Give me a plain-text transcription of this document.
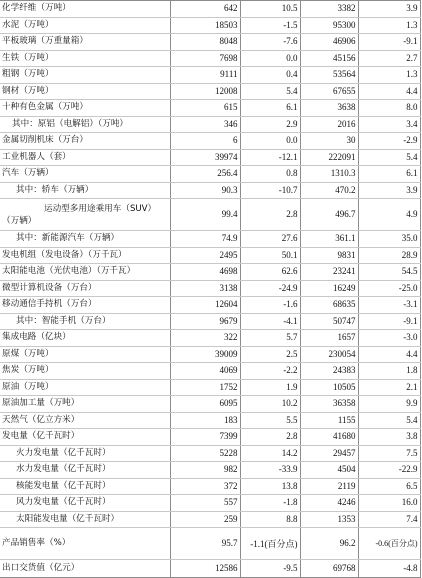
化学纤维（万吨）	642	10.5	3382	3.9
水泥（万吨）	18503	-1.5	95300	1.3
平板玻璃（万重量箱）	8048	-7.6	46906	-9.1
生铁（万吨）	7698	0.0	45156	2.7
粗钢（万吨）	9111	0.4	53564	1.3
钢材（万吨）	12008	5.4	67655	4.4
十种有色金属（万吨）	615	6.1	3638	8.0
其中：原铝（电解铝）（万吨）	346	2.9	2016	3.4
金属切削机床（万台）	6	0.0	30	-2.9
工业机器人（套）	39974	-12.1	222091	5.4
汽车（万辆）	256.4	0.8	1310.3	6.1
其中：轿车（万辆）	90.3	-10.7	470.2	3.9

运动型多用途乘用车（SUV）（万辆）	99.4	2.8	496.7	4.9
其中：新能源汽车（万辆）	74.9	27.6	361.1	35.0
发电机组（发电设备）（万千瓦）	2495	50.1	9831	28.9
太阳能电池（光伏电池）（万千瓦）	4698	62.6	23241	54.5
微型计算机设备（万台）	3138	-24.9	16249	-25.0
移动通信手持机（万台）	12604	-1.6	68635	-3.1
其中：智能手机（万台）	9679	-4.1	50747	-9.1
集成电路（亿块）	322	5.7	1657	-3.0
原煤（万吨）	39009	2.5	230054	4.4
焦炭（万吨）	4069	-2.2	24383	1.8
原油（万吨）	1752	1.9	10505	2.1
原油加工量（万吨）	6095	10.2	36358	9.9
天然气（亿立方米）	183	5.5	1155	5.4
发电量（亿千瓦时）	7399	2.8	41680	3.8
火力发电量（亿千瓦时）	5228	14.2	29457	7.5
水力发电量（亿千瓦时）	982	-33.9	4504	-22.9
核能发电量（亿千瓦时）	372	13.8	2119	6.5
风力发电量（亿千瓦时）	557	-1.8	4246	16.0
太阳能发电量（亿千瓦时）	259	8.8	1353	7.4
产品销售率（%）	95.7	-1.1(百分点)	96.2	-0.6(百分点)
出口交货值（亿元）	12586	-9.5	69768	-4.8
